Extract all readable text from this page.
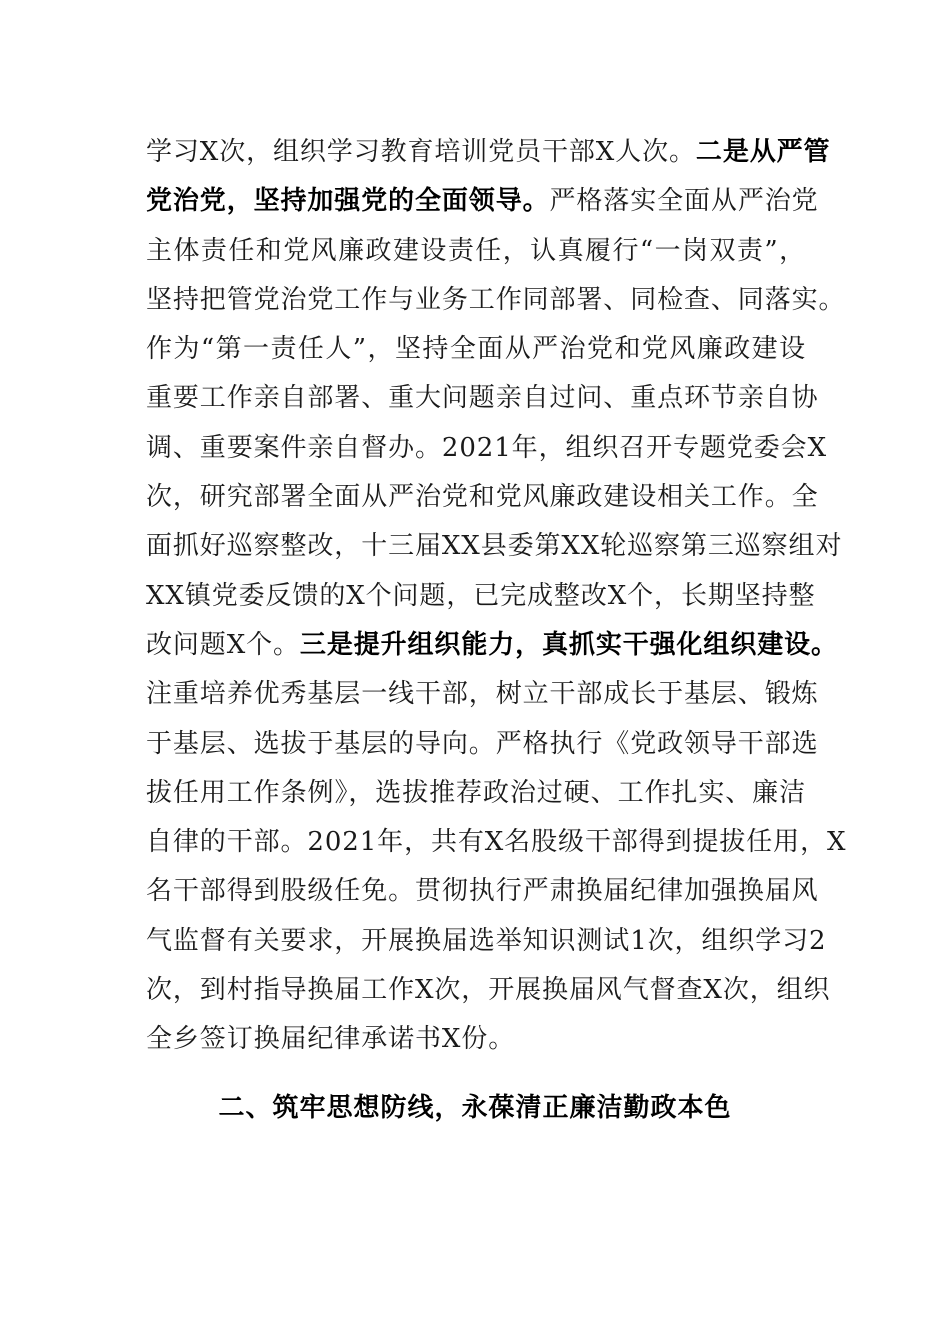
学习X次，组织学习教育培训党员干部X人次。二是从严管
党治党，坚持加强党的全面领导。严格落实全面从严治党
主体责任和党风廉政建设责任，认真履行“一岗双责”，
坚持把管党治党工作与业务工作同部署、同检查、同落实。
作为“第一责任人”，坚持全面从严治党和党风廉政建设
重要工作亲自部署、重大问题亲自过问、重点环节亲自协
调、重要案件亲自督办。2021年，组织召开专题党委会X
次，研究部署全面从严治党和党风廉政建设相关工作。全
面抓好巡察整改，十三届XX县委第XX轮巡察第三巡察组对
XX镇党委反馈的X个问题，已完成整改X个，长期坚持整
改问题X个。三是提升组织能力，真抓实干强化组织建设。
注重培养优秀基层一线干部，树立干部成长于基层、锻炼
于基层、选拔于基层的导向。严格执行《党政领导干部选
拔任用工作条例》，选拔推荐政治过硬、工作扎实、廉洁
自律的干部。2021年，共有X名股级干部得到提拔任用，X
名干部得到股级任免。贯彻执行严肃换届纪律加强换届风
气监督有关要求，开展换届选举知识测试1次，组织学习2
次，到村指导换届工作X次，开展换届风气督查X次，组织
全乡签订换届纪律承诺书X份。
二、筑牢思想防线，永葆清正廉洁勤政本色
